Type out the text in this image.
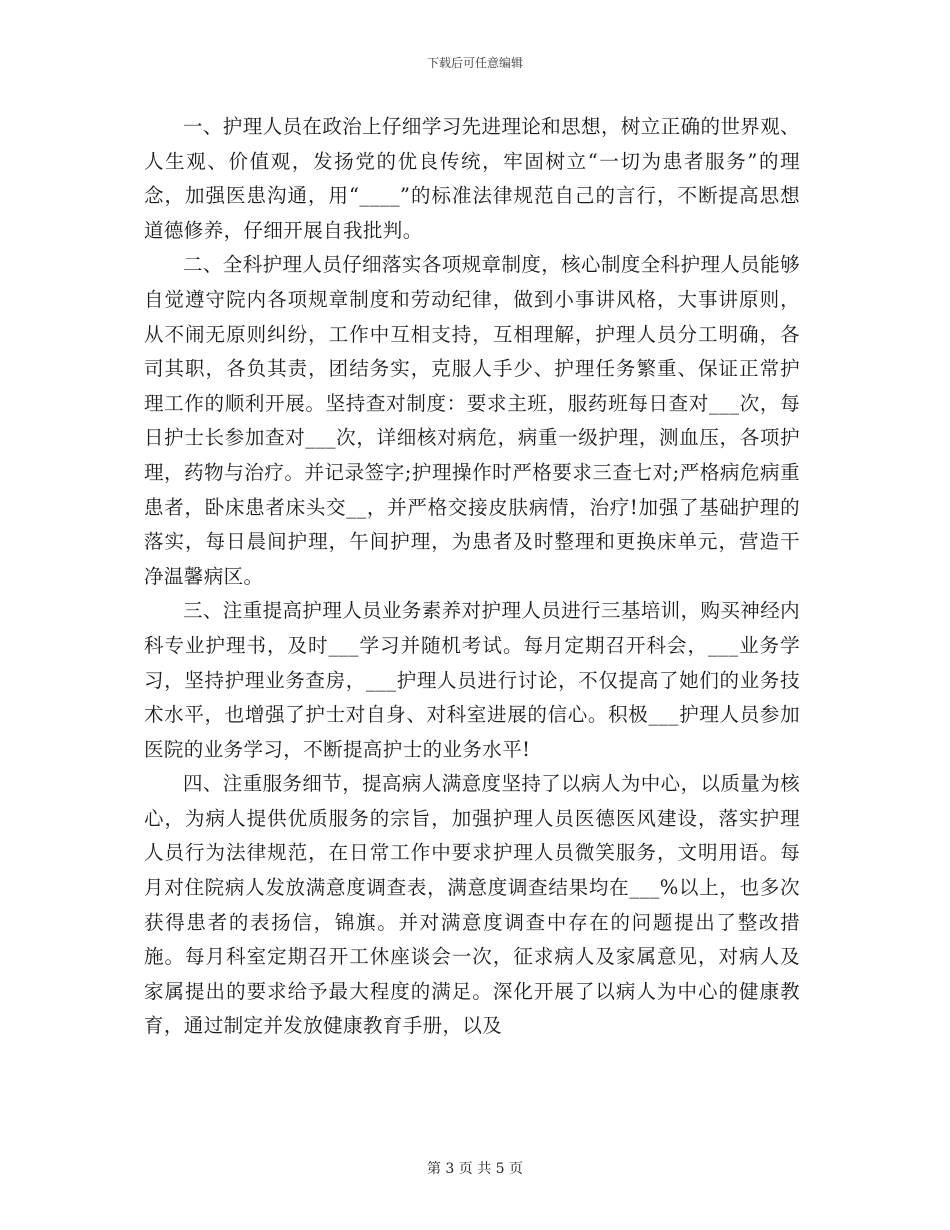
下载后可任意编辑

一、护理人员在政治上仔细学习先进理论和思想，树立正确的世界观、人生观、价值观，发扬党的优良传统，牢固树立“一切为患者服务”的理念，加强医患沟通，用“____”的标准法律规范自己的言行，不断提高思想道德修养，仔细开展自我批判。

二、全科护理人员仔细落实各项规章制度，核心制度全科护理人员能够自觉遵守院内各项规章制度和劳动纪律，做到小事讲风格，大事讲原则，从不闹无原则纠纷，工作中互相支持，互相理解，护理人员分工明确，各司其职，各负其责，团结务实，克服人手少、护理任务繁重、保证正常护理工作的顺利开展。坚持查对制度：要求主班，服药班每日查对___次，每日护士长参加查对___次，详细核对病危，病重一级护理，测血压，各项护理，药物与治疗。并记录签字;护理操作时严格要求三查七对;严格病危病重患者，卧床患者床头交__，并严格交接皮肤病情，治疗!加强了基础护理的落实，每日晨间护理，午间护理，为患者及时整理和更换床单元，营造干净温馨病区。

三、注重提高护理人员业务素养对护理人员进行三基培训，购买神经内科专业护理书，及时___学习并随机考试。每月定期召开科会，___业务学习，坚持护理业务查房，___护理人员进行讨论，不仅提高了她们的业务技术水平，也增强了护士对自身、对科室进展的信心。积极___护理人员参加医院的业务学习，不断提高护士的业务水平!

四、注重服务细节，提高病人满意度坚持了以病人为中心，以质量为核心，为病人提供优质服务的宗旨，加强护理人员医德医风建设，落实护理人员行为法律规范，在日常工作中要求护理人员微笑服务，文明用语。每月对住院病人发放满意度调查表，满意度调查结果均在___%以上，也多次获得患者的表扬信，锦旗。并对满意度调查中存在的问题提出了整改措施。每月科室定期召开工休座谈会一次，征求病人及家属意见，对病人及家属提出的要求给予最大程度的满足。深化开展了以病人为中心的健康教育，通过制定并发放健康教育手册，以及

第 3 页 共 5 页
